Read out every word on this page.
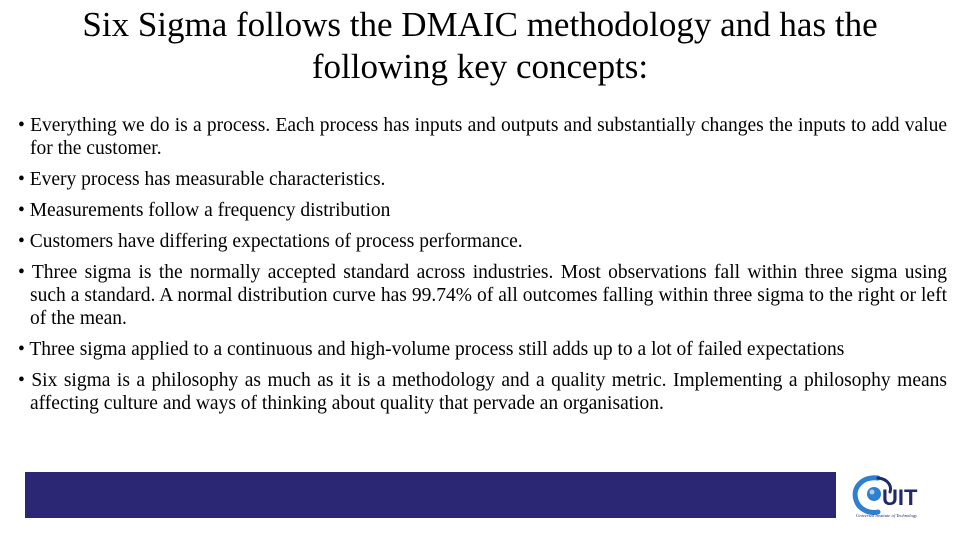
Six Sigma follows the DMAIC methodology and has the following key concepts:
• Everything we do is a process. Each process has inputs and outputs and substantially changes the inputs to add value for the customer.
• Every process has measurable characteristics.
• Measurements follow a frequency distribution
• Customers have differing expectations of process performance.
• Three sigma is the normally accepted standard across industries. Most observations fall within three sigma using such a standard. A normal distribution curve has 99.74% of all outcomes falling within three sigma to the right or left of the mean.
• Three sigma applied to a continuous and high-volume process still adds up to a lot of failed expectations
• Six sigma is a philosophy as much as it is a methodology and a quality metric. Implementing a philosophy means affecting culture and ways of thinking about quality that pervade an organisation.
UIT
Universal Institute of Technology
